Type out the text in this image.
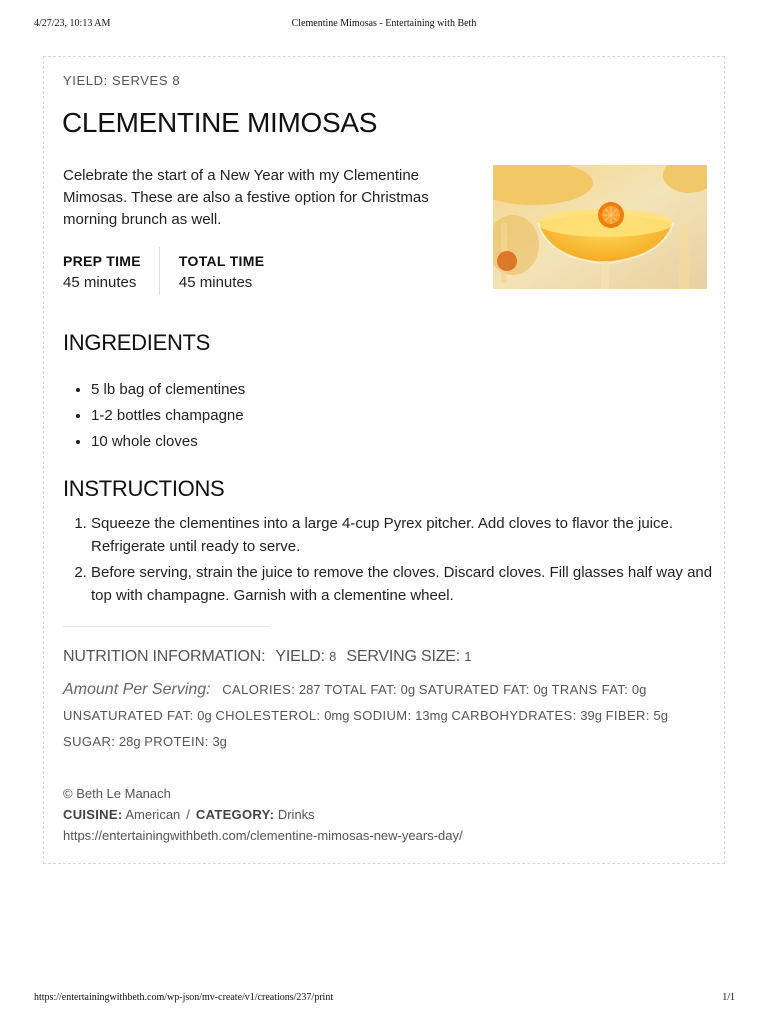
4/27/23, 10:13 AM	Clementine Mimosas - Entertaining with Beth
YIELD: SERVES 8
CLEMENTINE MIMOSAS

Celebrate the start of a New Year with my Clementine Mimosas. These are also a festive option for Christmas morning brunch as well.

PREP TIME
45 minutes
TOTAL TIME
45 minutes
INGREDIENTS
• 5 lb bag of clementines
• 1-2 bottles champagne
• 10 whole cloves
INSTRUCTIONS
1. Squeeze the clementines into a large 4-cup Pyrex pitcher. Add cloves to flavor the juice. Refrigerate until ready to serve.
2. Before serving, strain the juice to remove the cloves. Discard cloves. Fill glasses half way and top with champagne. Garnish with a clementine wheel.
NUTRITION INFORMATION: YIELD: 8 SERVING SIZE: 1
Amount Per Serving: CALORIES: 287 TOTAL FAT: 0g SATURATED FAT: 0g TRANS FAT: 0g
UNSATURATED FAT: 0g CHOLESTEROL: 0mg SODIUM: 13mg CARBOHYDRATES: 39g FIBER: 5g
SUGAR: 28g PROTEIN: 3g
© Beth Le Manach
CUISINE: American / CATEGORY: Drinks
https://entertainingwithbeth.com/clementine-mimosas-new-years-day/
https://entertainingwithbeth.com/wp-json/mv-create/v1/creations/237/print	1/1
